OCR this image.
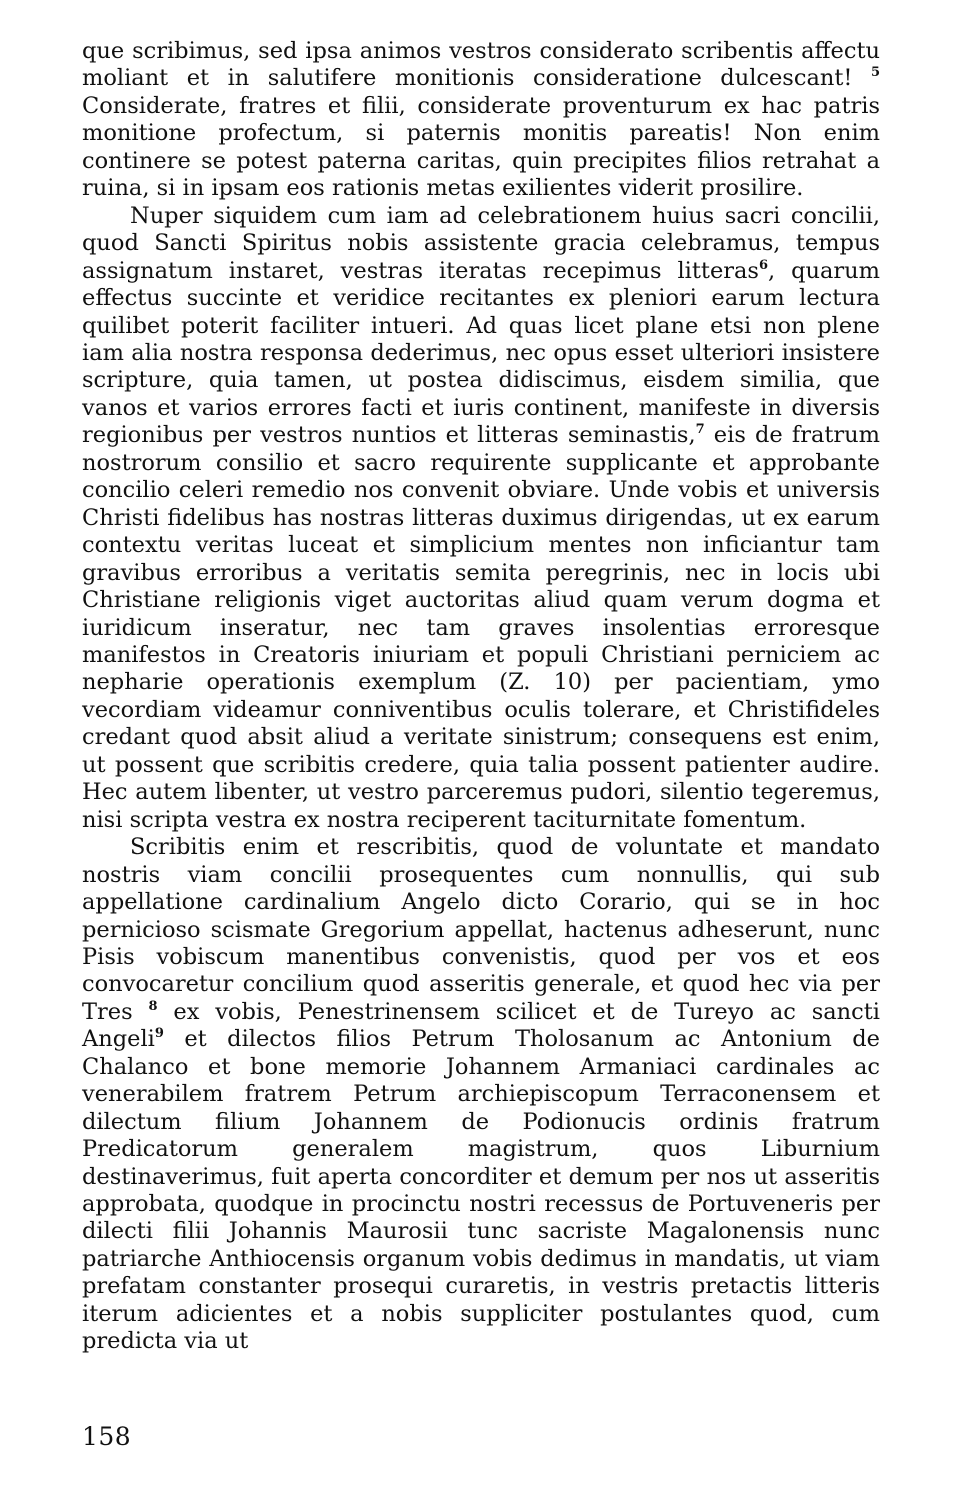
que scribimus, sed ipsa animos vestros considerato scribentis affectu moliant et in salutifere monitionis consideratione dulcescant! $^5$ Considerate, fratres et filii, considerate proventurum ex hac patris monitione profectum, si paternis monitis pareatis! Non enim continere se potest paterna caritas, quin precipites filios retrahat a ruina, si in ipsam eos rationis metas exilientes viderit prosilire.

Nuper siquidem cum iam ad celebrationem huius sacri concilii, quod Sancti Spiritus nobis assistente gracia celebramus, tempus assignatum instaret, vestras iteratas recepimus litteras$^6$, quarum effectus succinte et veridice recitantes ex pleniori earum lectura quilibet poterit faciliter intueri. Ad quas licet plane etsi non plene iam alia nostra responsa dederimus, nec opus esset ulteriori insistere scripture, quia tamen, ut postea didiscimus, eisdem similia, que vanos et varios errores facti et iuris continent, manifeste in diversis regionibus per vestros nuntios et litteras seminastis,$^7$ eis de fratrum nostrorum consilio et sacro requirente supplicante et approbante concilio celeri remedio nos convenit obviare. Unde vobis et universis Christi fidelibus has nostras litteras duximus dirigendas, ut ex earum contextu veritas luceat et simplicium mentes non inficiantur tam gravibus erroribus a veritatis semita peregrinis, nec in locis ubi Christiane religionis viget auctoritas aliud quam verum dogma et iuridicum inseratur, nec tam graves insolentias erroresque manifestos in Creatoris iniuriam et populi Christiani perniciem ac nepharie operationis exemplum (Z. 10) per pacientiam, ymo vecordiam videamur conniventibus oculis tolerare, et Christifideles credant quod absit aliud a veritate sinistrum; consequens est enim, ut possent que scribitis credere, quia talia possent patienter audire. Hec autem libenter, ut vestro parceremus pudori, silentio tegeremus, nisi scripta vestra ex nostra reciperent taciturnitate fomentum.

Scribitis enim et rescribitis, quod de voluntate et mandato nostris viam concilii prosequentes cum nonnullis, qui sub appellatione cardinalium Angelo dicto Corario, qui se in hoc pernicioso scismate Gregorium appellat, hactenus adheserunt, nunc Pisis vobiscum manentibus convenistis, quod per vos et eos convocaretur concilium quod asseritis generale, et quod hec via per Tres $^8$ ex vobis, Penestrinensem scilicet et de Tureyo ac sancti Angeli$^9$ et dilectos filios Petrum Tholosanum ac Antonium de Chalanco et bone memorie Johannem Armaniaci cardinales ac venerabilem fratrem Petrum archiepiscopum Terraconensem et dilectum filium Johannem de Podionucis ordinis fratrum Predicatorum generalem magistrum, quos Liburnium destinaverimus, fuit aperta concorditer et demum per nos ut asseritis approbata, quodque in procinctu nostri recessus de Portuveneris per dilecti filii Johannis Maurosii tunc sacriste Magalonensis nunc patriarche Anthiocensis organum vobis dedimus in mandatis, ut viam prefatam constanter prosequi curaretis, in vestris pretactis litteris iterum adicientes et a nobis suppliciter postulantes quod, cum predicta via ut

158
